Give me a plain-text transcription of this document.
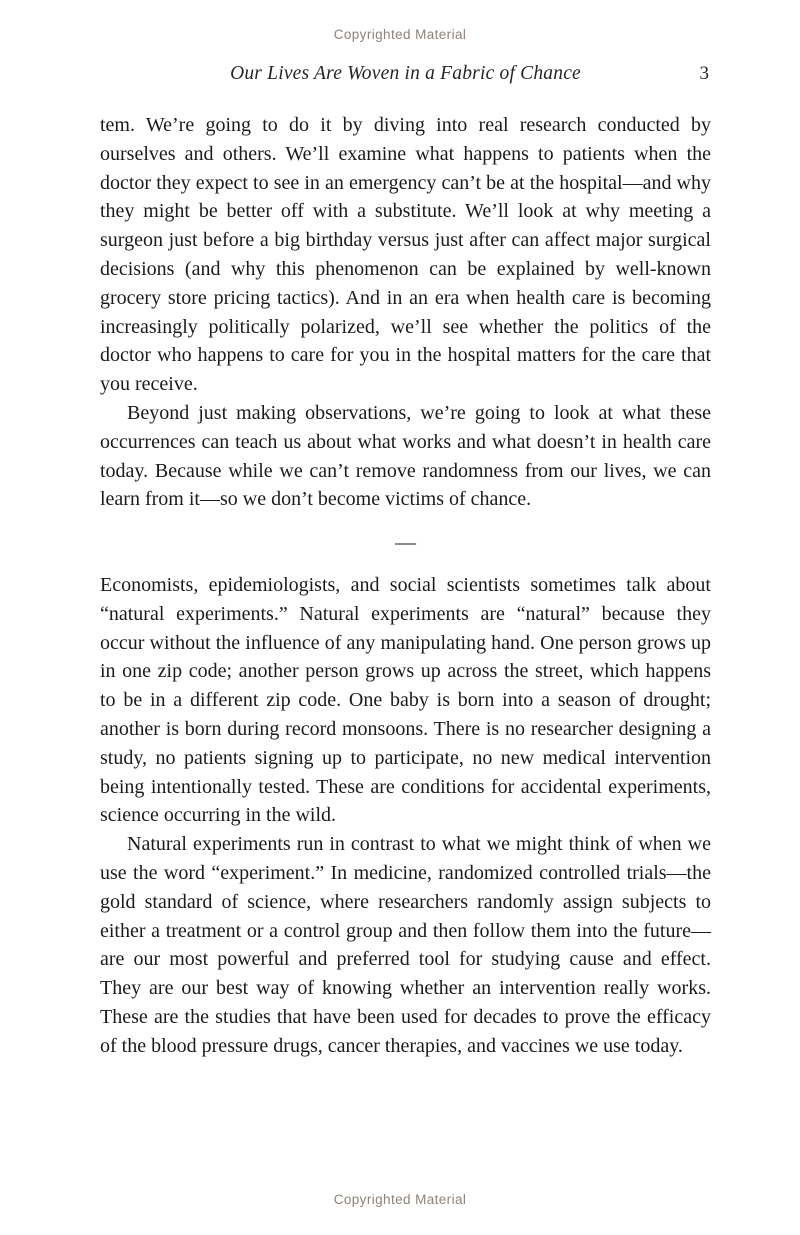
Copyrighted Material
Our Lives Are Woven in a Fabric of Chance	3

tem. We’re going to do it by diving into real research conducted by ourselves and others. We’ll examine what happens to patients when the doctor they expect to see in an emergency can’t be at the hospital—and why they might be better off with a substitute. We’ll look at why meeting a surgeon just before a big birthday versus just after can affect major surgical decisions (and why this phenomenon can be explained by well-known grocery store pricing tactics). And in an era when health care is becoming increasingly politically polarized, we’ll see whether the politics of the doctor who happens to care for you in the hospital matters for the care that you receive.

Beyond just making observations, we’re going to look at what these occurrences can teach us about what works and what doesn’t in health care today. Because while we can’t remove randomness from our lives, we can learn from it—so we don’t become victims of chance.

—

Economists, epidemiologists, and social scientists sometimes talk about “natural experiments.” Natural experiments are “natural” because they occur without the influence of any manipulating hand. One person grows up in one zip code; another person grows up across the street, which happens to be in a different zip code. One baby is born into a season of drought; another is born during record monsoons. There is no researcher designing a study, no patients signing up to participate, no new medical intervention being intentionally tested. These are conditions for accidental experiments, science occurring in the wild.

Natural experiments run in contrast to what we might think of when we use the word “experiment.” In medicine, randomized controlled trials—the gold standard of science, where researchers randomly assign subjects to either a treatment or a control group and then follow them into the future—are our most powerful and preferred tool for studying cause and effect. They are our best way of knowing whether an intervention really works. These are the studies that have been used for decades to prove the efficacy of the blood pressure drugs, cancer therapies, and vaccines we use today.

Copyrighted Material
